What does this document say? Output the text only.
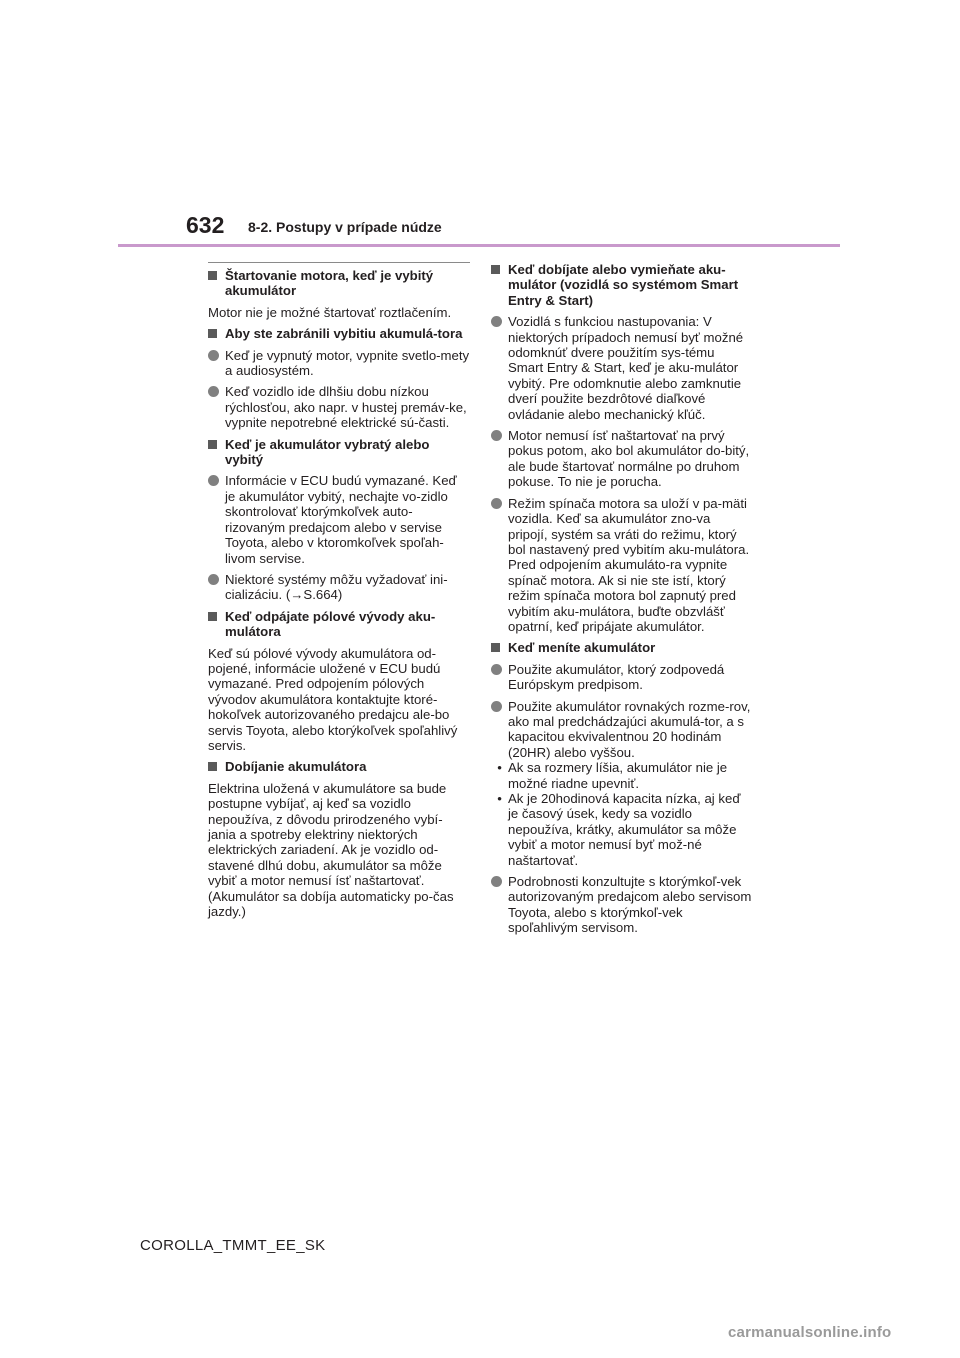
632 8-2. Postupy v prípade núdze
Štartovanie motora, keď je vybitý akumulátor
Motor nie je možné štartovať roztlačením.
Aby ste zabránili vybitiu akumulá-tora
Keď je vypnutý motor, vypnite svetlo-mety a audiosystém.
Keď vozidlo ide dlhšiu dobu nízkou rýchlosťou, ako napr. v hustej premáv-ke, vypnite nepotrebné elektrické sú-časti.
Keď je akumulátor vybratý alebo vybitý
Informácie v ECU budú vymazané. Keď je akumulátor vybitý, nechajte vo-zidlo skontrolovať ktorýmkoľvek auto-rizovaným predajcom alebo v servise Toyota, alebo v ktoromkoľvek spoľah-livom servise.
Niektoré systémy môžu vyžadovať ini-cializáciu. (→S.664)
Keď odpájate pólové vývody aku-mulátora
Keď sú pólové vývody akumulátora od-pojené, informácie uložené v ECU budú vymazané. Pred odpojením pólových vývodov akumulátora kontaktujte ktoré-hokoľvek autorizovaného predajcu ale-bo servis Toyota, alebo ktorýkoľvek spoľahlivý servis.
Dobíjanie akumulátora
Elektrina uložená v akumulátore sa bude postupne vybíjať, aj keď sa vozidlo nepoužíva, z dôvodu prirodzeného vybí-jania a spotreby elektriny niektorých elektrických zariadení. Ak je vozidlo od-stavené dlhú dobu, akumulátor sa môže vybiť a motor nemusí ísť naštartovať. (Akumulátor sa dobíja automaticky po-čas jazdy.)
Keď dobíjate alebo vymieňate aku-mulátor (vozidlá so systémom Smart Entry & Start)
Vozidlá s funkciou nastupovania: V niektorých prípadoch nemusí byť možné odomknúť dvere použitím sys-tému Smart Entry & Start, keď je aku-mulátor vybitý. Pre odomknutie alebo zamknutie dverí použite bezdrôtové diaľkové ovládanie alebo mechanický kľúč.
Motor nemusí ísť naštartovať na prvý pokus potom, ako bol akumulátor do-bitý, ale bude štartovať normálne po druhom pokuse. To nie je porucha.
Režim spínača motora sa uloží v pa-mäti vozidla. Keď sa akumulátor zno-va pripojí, systém sa vráti do režimu, ktorý bol nastavený pred vybitím aku-mulátora. Pred odpojením akumuláto-ra vypnite spínač motora. Ak si nie ste istí, ktorý režim spínača motora bol zapnutý pred vybitím aku-mulátora, buďte obzvlášť opatrní, keď pripájate akumulátor.
Keď meníte akumulátor
Použite akumulátor, ktorý zodpovedá Európskym predpisom.
Použite akumulátor rovnakých rozme-rov, ako mal predchádzajúci akumulá-tor, a s kapacitou ekvivalentnou 20 hodinám (20HR) alebo vyššou.
• Ak sa rozmery líšia, akumulátor nie je možné riadne upevniť.
• Ak je 20hodinová kapacita nízka, aj keď je časový úsek, kedy sa vozidlo nepoužíva, krátky, akumulátor sa môže vybiť a motor nemusí byť mož-né naštartovať.
Podrobnosti konzultujte s ktorýmkoľ-vek autorizovaným predajcom alebo servisom Toyota, alebo s ktorýmkoľ-vek spoľahlivým servisom.
COROLLA_TMMT_EE_SK
carmanualsonline.info
